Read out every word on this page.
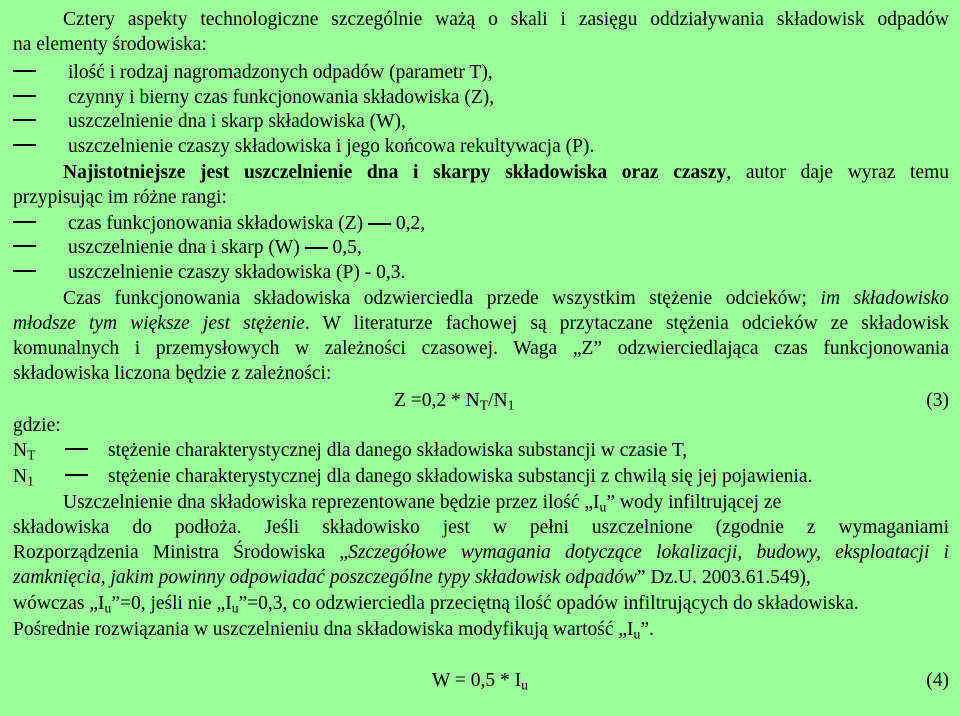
Cztery aspekty technologiczne szczególnie ważą o skali i zasięgu oddziaływania składowisk odpadów
na elementy środowiska:
ilość i rodzaj nagromadzonych odpadów (parametr T),
czynny i bierny czas funkcjonowania składowiska (Z),
uszczelnienie dna i skarp składowiska (W),
uszczelnienie czaszy składowiska i jego końcowa rekultywacja (P).
Najistotniejsze jest uszczelnienie dna i skarpy składowiska oraz czaszy, autor daje wyraz temu
przypisując im różne rangi:
czas funkcjonowania składowiska (Z) 0,2,
uszczelnienie dna i skarp (W) 0,5,
uszczelnienie czaszy składowiska (P) - 0,3.
Czas funkcjonowania składowiska odzwierciedla przede wszystkim stężenie odcieków; im składowisko
młodsze tym większe jest stężenie. W literaturze fachowej są przytaczane stężenia odcieków ze składowisk
komunalnych i przemysłowych w zależności czasowej. Waga „Z” odzwierciedlająca czas funkcjonowania
składowiska liczona będzie z zależności:
$Z =0,2 * N_T/N_1$	(3)
gdzie:
$N_T$	stężenie charakterystycznej dla danego składowiska substancji w czasie T,
$N_1$	stężenie charakterystycznej dla danego składowiska substancji z chwilą się jej pojawienia.
Uszczelnienie dna składowiska reprezentowane będzie przez ilość $„I_u$” wody infiltrującej ze
składowiska do podłoża. Jeśli składowisko jest w pełni uszczelnione (zgodnie z wymaganiami
Rozporządzenia Ministra Środowiska „Szczegółowe wymagania dotyczące lokalizacji, budowy, eksploatacji i
zamknięcia, jakim powinny odpowiadać poszczególne typy składowisk odpadów” Dz.U. 2003.61.549),
wówczas $„I_u”=0$, jeśli nie $„I_u”=0,3$, co odzwierciedla przeciętną ilość opadów infiltrujących do składowiska.
Pośrednie rozwiązania w uszczelnieniu dna składowiska modyfikują wartość $„I_u$”.
$W = 0,5 * I_u$	(4)
